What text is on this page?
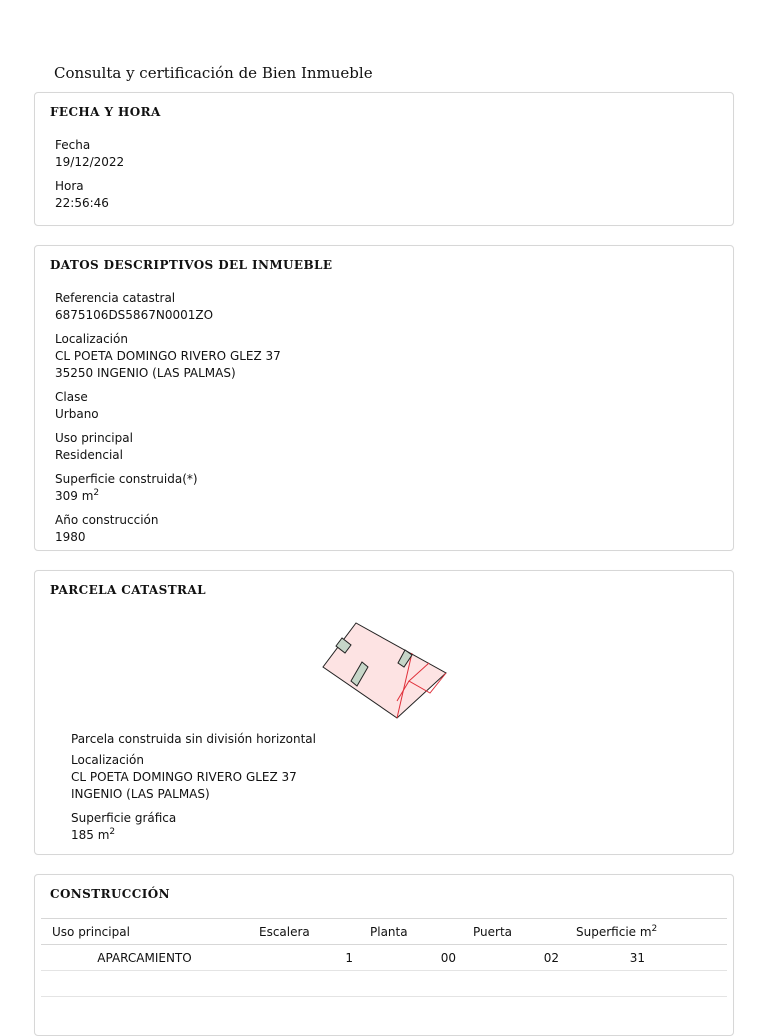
Consulta y certificación de Bien Inmueble
FECHA Y HORA
Fecha
19/12/2022
Hora
22:56:46
DATOS DESCRIPTIVOS DEL INMUEBLE
Referencia catastral
6875106DS5867N0001ZO
Localización
CL POETA DOMINGO RIVERO GLEZ 37
35250 INGENIO (LAS PALMAS)
Clase
Urbano
Uso principal
Residencial
Superficie construida(*)
309 $m^2$
Año construcción
1980
PARCELA CATASTRAL
Parcela construida sin división horizontal
Localización
CL POETA DOMINGO RIVERO GLEZ 37
INGENIO (LAS PALMAS)
Superficie gráfica
185 $m^2$
CONSTRUCCIÓN
Uso principal	Escalera	Planta	Puerta	Superficie $m^2$
APARCAMIENTO	1	00	02	31
